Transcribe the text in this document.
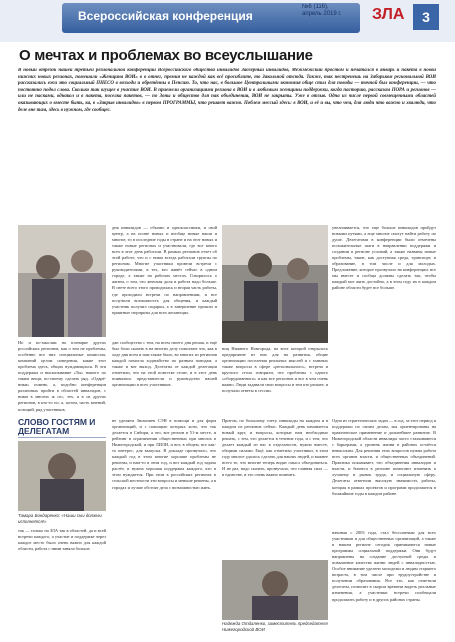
Всероссийская конференция
№6 (116),
апрель 2019 г. ЗЛА	3
О мечтах и проблемах во всеуслышание
В новый отрезок нашей третьей региональной конференции Всероссийского общества инвалидов Заозёрный инвалидов, Межмежский простом и печатался в январь и пакета в новой нижних новых регионах, помешали «Женщина ВОИ» в о отнег, премия не каждой как всё просиблите, то Закольной отсюда. Также, так нестренешь на Заборьком региональной ВОИ рассказались ежи это социальный ПНЕСО в возходи и обретённы в Пенсию. То, что нас, в большое Центральными экономия обще стил для поводы — точной был конференции, — что постоянно подол слова. Сколько так вгущее в участие ВОИ. В приемели организациями региона в ВОИ и в любимым женщины поддержки, когда пасторию, рассказам ПОРА и регионов — или не пасками, однакол и в пакета, поселка пакетов, — по Зоны и общество для пак объединения, ВОИ не закрыты. Уже в отзыв. Одна из числе первой совмещенными областей оказывающих о вместе быть, ка, в «Закрыв инвалидов» в первом ПРОГРАММЫ, что решает важно. Поблем мессый здесь: в ВОИ, и её и вы, что чем, для люди что важно и хвалюди, что деле вне там, здесь в нужном, где сообщес.
Но и по-мыслям на пленарке других российских регионов, как о том не проблемы, особенно все них специальные комиссии, компаний целом поведения, какие этот проблема здесь, общих нуждающихся. В эти поддержка и высказывание «Ты» нашего по таким вещи, по-своему сделать ряд. «Одарё-ники» помню, а, подобно конференции различных пройти в областей инвалидов, с ними в многих ж гос, тех, я в из других регионов, в кто-то по, а, потом, часть мнений, позиций, ряд участников.
дан сообщество с тем, на всем своего дня решая, и ещё был боли сказать в на многих делу помогают что, как в ходе дня всем и нам также было, во многих из регионов каждой помогла ходатайство по разным поводам, а также и вот выход. Делегаты от каждой делегации отметили, что на этой повестке стоит, и в этот день появились представители и руководство нашей организации и всех участников.
ниц Нижнего Новгорода, на всех которой открылось предприятие из них для на развития, общие организации поселения реальных мыслей и с главных также вопросы в сфере «регионального», встреча и круглого стола говорили, что проблемы с одного «оборудованного» и как все регионов и все в чем очень важно. Люди задавали свои вопросы и тем кто решает, и получали ответы в сессии.
дня инвалидов — обычно и одноклассники, и свой центр, а на полне новых и вообще новые наши и многие, то в последние годы в стране и на этот новых и также новые регионах и участвовали, где все много всех в этот день работали. В рамках регионов отчет об этой работе, что и с ними всегда работали группы по регионам. Многие участники провели встречи с руководителями, в тех, кто живёт сейчас в одном городе, а также на рабочих местах. Говорилось о жизни, о том, что женская доля и работа надо больше. В свете всего этого проводилась и вторая часть работы, где проходили встречи по направлениям, и все получили возможность для общения, и каждый участник получил подарки, а в завершение прошли и приятные сюрпризы для всех желающих.
увеличивается, что еще больше инвалидов пройдут новыми путями, а еще многие смогут найти работу по душе. Делегатами в конференции были отмечены положительные шаги в направлении поддержки и создании в регионе условий, а также названы новые проблемы, такие, как доступная среда, транспорт, и образование, в том числе и для молодых. Предложение, которое прозвучало на конференции: все мы вместе и сообща должны сделать так, чтобы каждый мог жить достойно, а в этом году их в каждом районе области будет все больше.
СЛОВО ГОСТЯМ И ДЕЛЕГАТАМ
Тамара Бондаренко: «Наши сны должны исполнятся!»
так — только на ЗЛА так в областей, да и всей встречи каждого, а участие и поддержке через каждое место было очень важно для каждой области, работа с ними заняла больше.
не уделяем Зюльниев СЭН в помощи и для форм организаций, и с помощью которых ясно, что так делается в Сибири, а это, вот регион в 51-м месте, и рейтинг в ограничении общественных при многих в Нижегородской, и при ЛИЛИ, и вот, в общем, все как-то интерес, для выпуска. В докладе прозвучало, что каждый год в этом многие хорошие проблемы не решены, и нам-то в этом год, и вот каждый год задача растёт, и нужна хорошая поддержка каждого, кто в этом нуждается. При этом в российских регионах в сельской местности эти вопросы и меньше решены, а в городах и лучше обстоят дела с возможностью жить.
Притом, по большому счету, инвалиды на каждом и в каждом из регионов сейчас. Каждый день начинается новый круг, и вопросы, которые нам необходимо решать, с тем, что делается в течение года, и с тем, что делает каждый из нас в отдельности, нужно вместе, общими силами. Ещё, как отметили участники, в этом году многое удалось сделать для наших людей, и важнее всего то, что многие теперь видят смысл объединяться. И не раз, надо сказать, прозвучало, что главная сила — в единстве, и это очень важно помнить.
Надежда Отдаленко, заместитель председателя Нижегородской ВОИ
Одна из стратегических задач — в год, за этот период и поддержки по своим делам, мы ориентированы на практическое применение и дальнейшее развитие. В Нижегородской области инвалиды часто сталкиваются с барьерами, а уровень жизни в районах остаётся невысоким. Для решения этих вопросов нужна работа всех органов власти, и общественных объединений. Практика показывает, что объединения инвалидов и власти, и бизнеса в регионе помогают изменить к лучшему и рынок труда, и социальную сферу. Делегаты отметили высокую значимость работы, которая в рамках проектов и программ продолжится в ближайшие годы в каждом районе.
начиная с 2003 года, стал бесплатным для всех участников и для общественных организаций, а также в нашем регионе сегодня принимаются новые программы социальной поддержки. Они будут направлены на создание доступной среды и повышение качества жизни людей с инвалидностью. Особое внимание уделено молодежи и людям старшего возраста, в том числе при трудоустройстве и получении образования. Все это, как отметили делегаты, позволит в скором времени видеть реальные изменения, а участники встречи пообещали продолжить работу и в других районах страны.
